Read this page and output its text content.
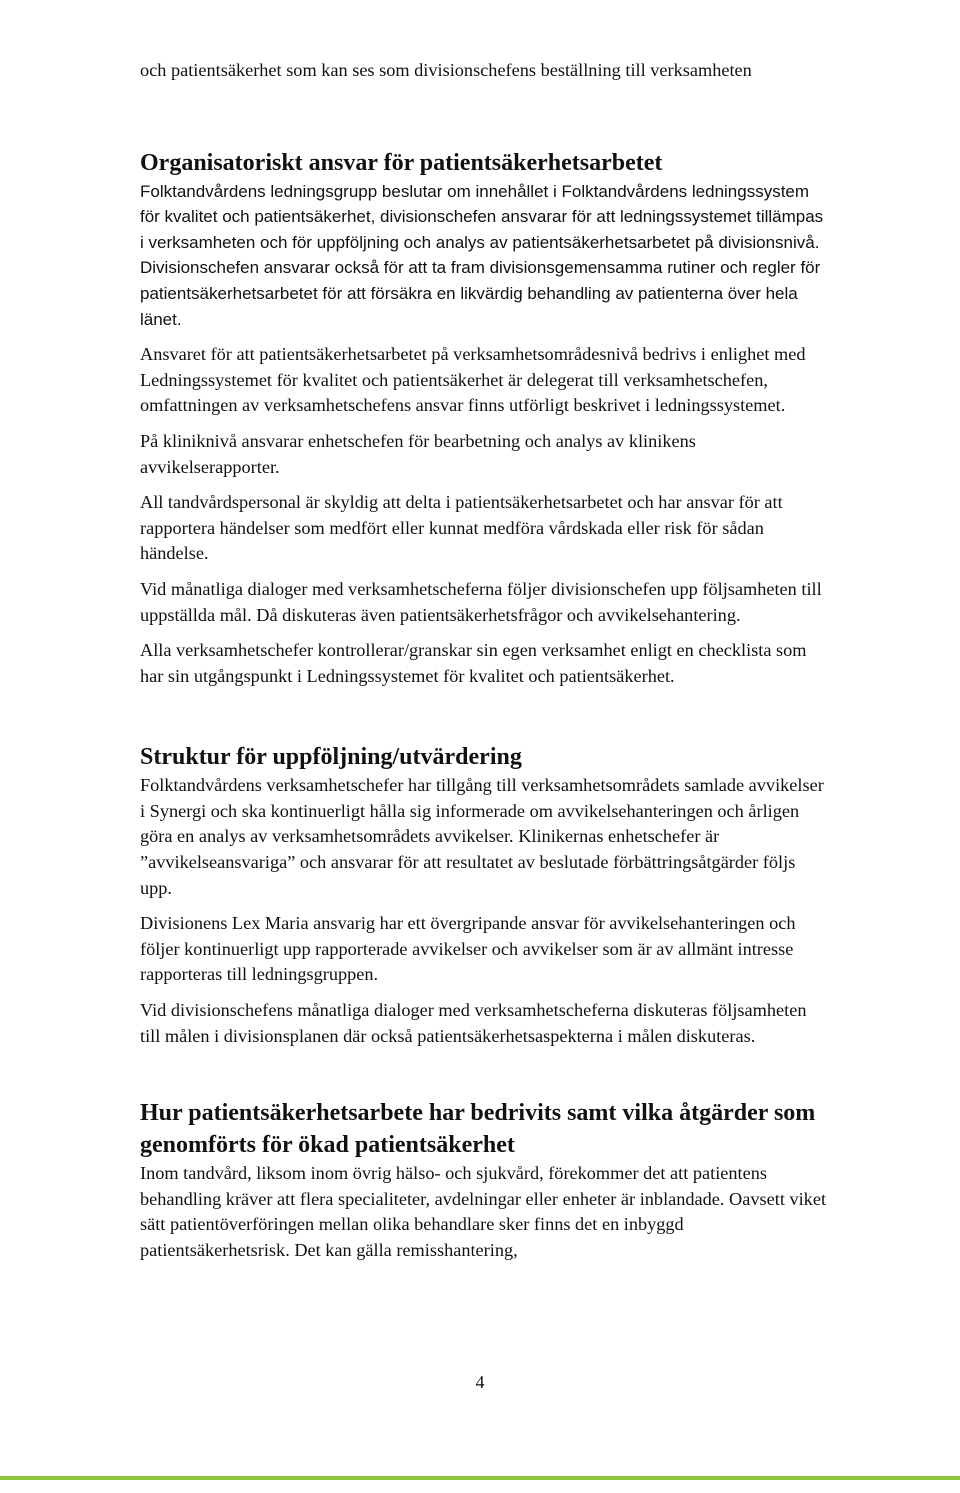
och patientsäkerhet som kan ses som divisionschefens beställning till verksamheten

Organisatoriskt ansvar för patientsäkerhetsarbetet

Folktandvårdens ledningsgrupp beslutar om innehållet i Folktandvårdens ledningssystem för kvalitet och patientsäkerhet, divisionschefen ansvarar för att ledningssystemet tillämpas i verksamheten och för uppföljning och analys av patientsäkerhetsarbetet på divisionsnivå. Divisionschefen ansvarar också för att ta fram divisionsgemensamma rutiner och regler för patientsäkerhetsarbetet för att försäkra en likvärdig behandling av patienterna över hela länet.

Ansvaret för att patientsäkerhetsarbetet på verksamhetsområdesnivå bedrivs i enlighet med Ledningssystemet för kvalitet och patientsäkerhet är delegerat till verksamhetschefen, omfattningen av verksamhetschefens ansvar finns utförligt beskrivet i ledningssystemet.

På kliniknivå ansvarar enhetschefen för bearbetning och analys av klinikens avvikelserapporter.

All tandvårdspersonal är skyldig att delta i patientsäkerhetsarbetet och har ansvar för att rapportera händelser som medfört eller kunnat medföra vårdskada eller risk för sådan händelse.

Vid månatliga dialoger med verksamhetscheferna följer divisionschefen upp följsamheten till uppställda mål. Då diskuteras även patientsäkerhetsfrågor och avvikelsehantering.

Alla verksamhetschefer kontrollerar/granskar sin egen verksamhet enligt en checklista som har sin utgångspunkt i Ledningssystemet för kvalitet och patientsäkerhet.

Struktur för uppföljning/utvärdering

Folktandvårdens verksamhetschefer har tillgång till verksamhetsområdets samlade avvikelser i Synergi och ska kontinuerligt hålla sig informerade om avvikelsehanteringen och årligen göra en analys av verksamhetsområdets avvikelser. Klinikernas enhetschefer är ”avvikelseansvariga” och ansvarar för att resultatet av beslutade förbättringsåtgärder följs upp.

Divisionens Lex Maria ansvarig har ett övergripande ansvar för avvikelsehanteringen och följer kontinuerligt upp rapporterade avvikelser och avvikelser som är av allmänt intresse rapporteras till ledningsgruppen.

Vid divisionschefens månatliga dialoger med verksamhetscheferna diskuteras följsamheten till målen i divisionsplanen där också patientsäkerhetsaspekterna i målen diskuteras.

Hur patientsäkerhetsarbete har bedrivits samt vilka åtgärder som genomförts för ökad patientsäkerhet

Inom tandvård, liksom inom övrig hälso- och sjukvård, förekommer det att patientens behandling kräver att flera specialiteter, avdelningar eller enheter är inblandade. Oavsett viket sätt patientöverföringen mellan olika behandlare sker finns det en inbyggd patientsäkerhetsrisk. Det kan gälla remisshantering,

4
